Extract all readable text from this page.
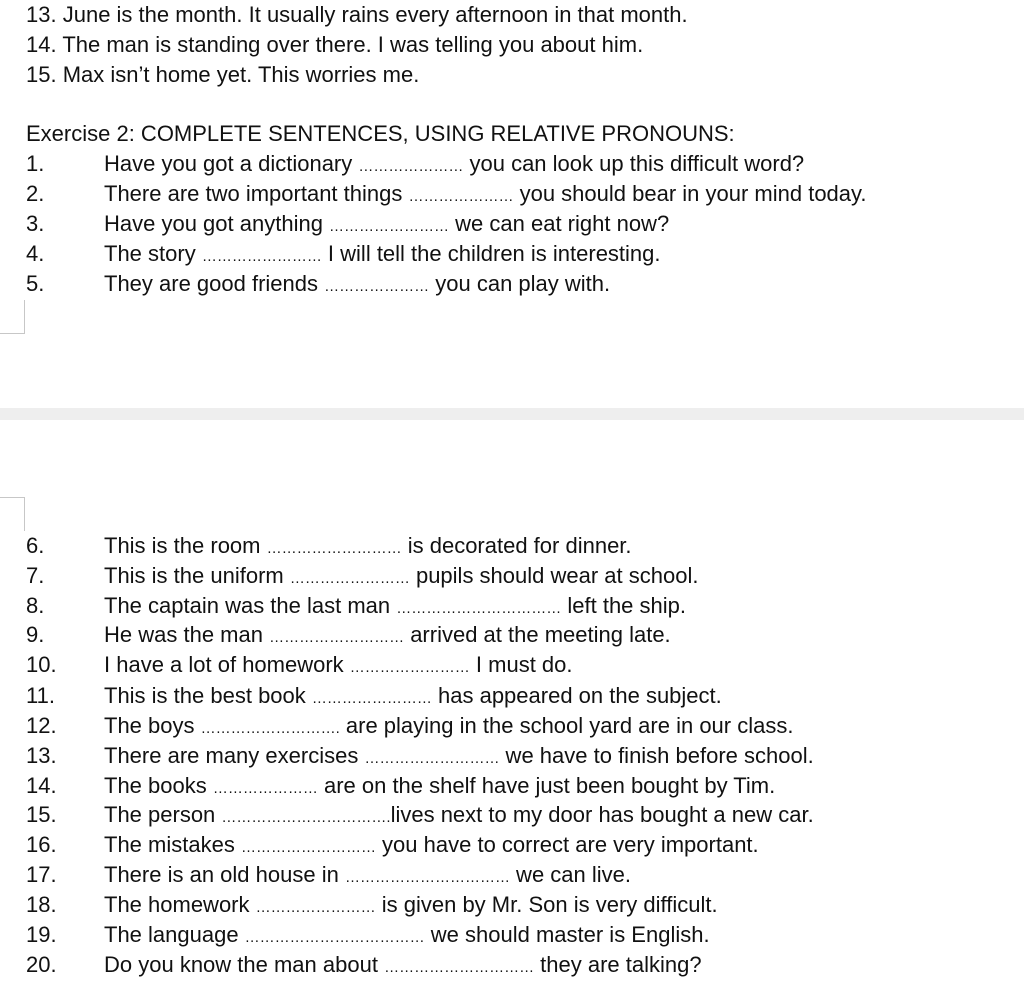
13. June is the month. It usually rains every afternoon in that month.
14. The man is standing over there. I was telling you about him.
15. Max isn’t home yet. This worries me.
Exercise 2: COMPLETE SENTENCES, USING RELATIVE PRONOUNS:
1.	Have you got a dictionary ………………… you can look up this difficult word?
2.	There are two important things ………………… you should bear in your mind today.
3.	Have you got anything …………………… we can eat right now?
4.	The story …………………… I will tell the children is interesting.
5.	They are good friends ………………… you can play with.
6.	This is the room ……………………… is decorated for dinner.
7.	This is the uniform …………………… pupils should wear at school.
8.	The captain was the last man …………………………… left the ship.
9.	He was the man ……………………… arrived at the meeting late.
10. I have a lot of homework …………………… I must do.
11. This is the best book …………………… has appeared on the subject.
12. The boys ………………………. are playing in the school yard are in our class.
13. There are many exercises ……………………… we have to finish before school.
14. The books ………………… are on the shelf have just been bought by Tim.
15. The person …………………………….lives next to my door has bought a new car.
16. The mistakes ……………………… you have to correct are very important.
17. There is an old house in …………………………… we can live.
18. The homework …………………… is given by Mr. Son is very difficult.
19. The language ……………………………… we should master is English.
20. Do you know the man about ………………………… they are talking?
